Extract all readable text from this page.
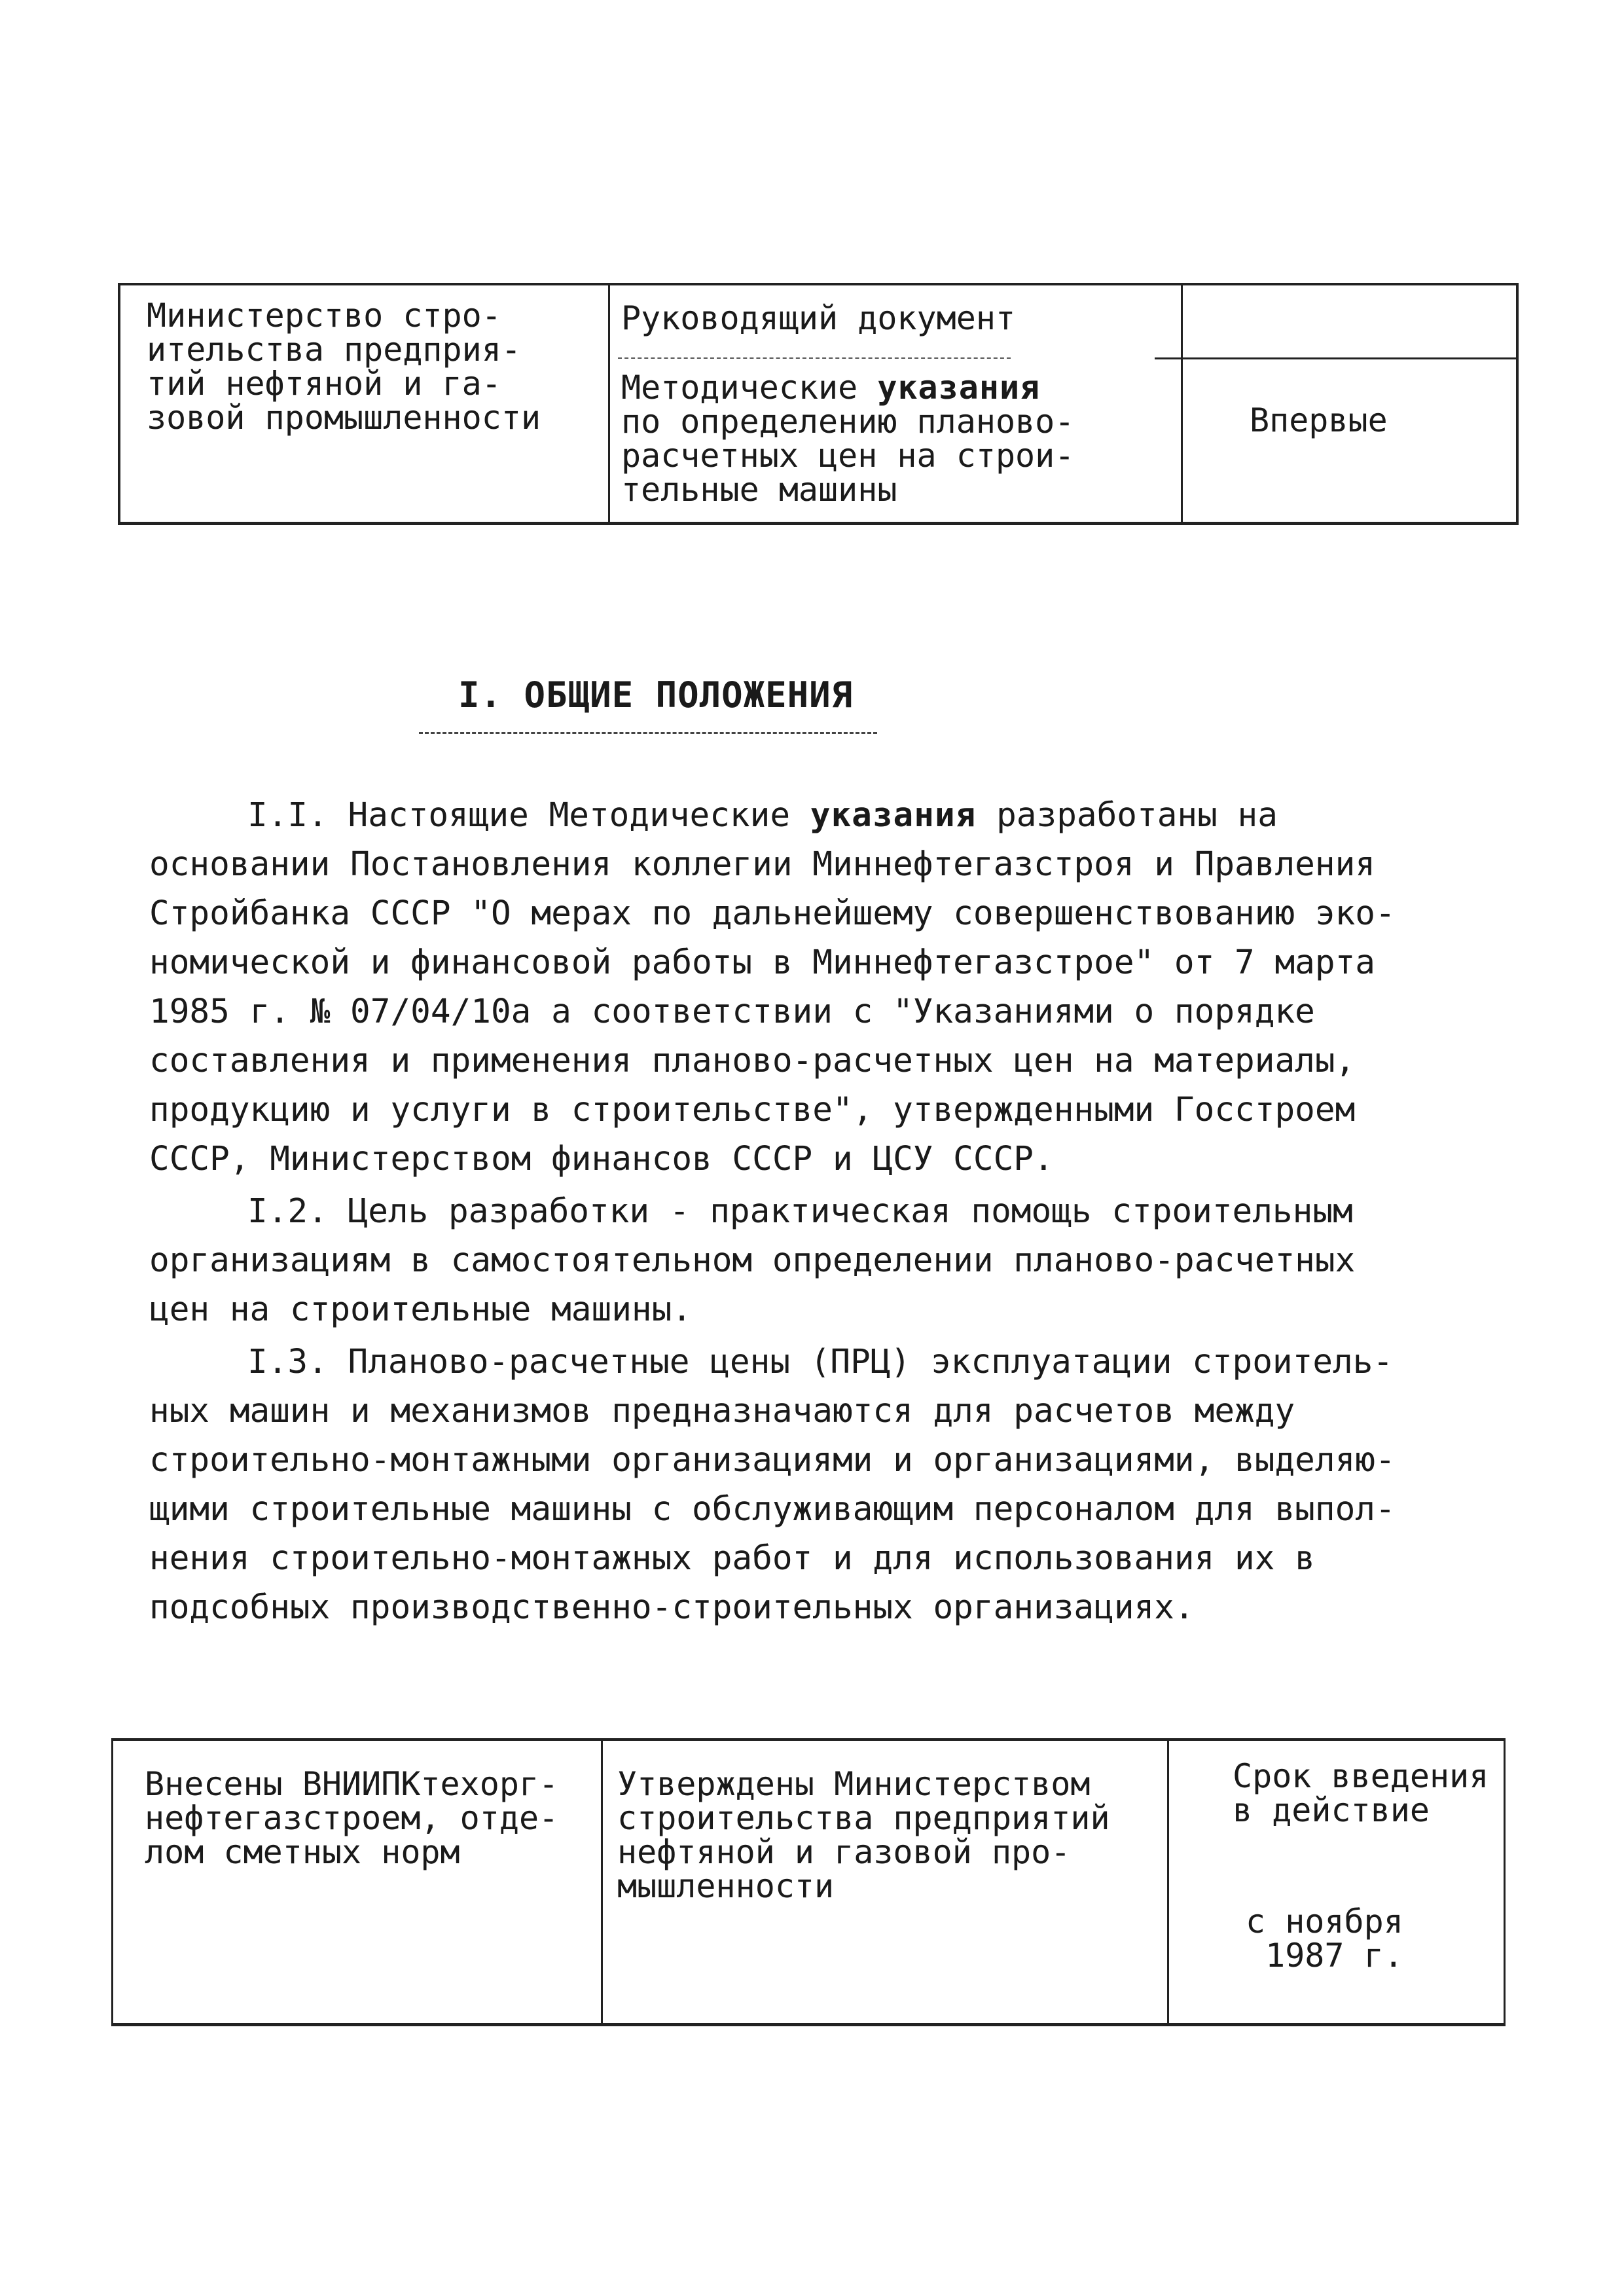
Министерство стро-
ительства предприя-
тий нефтяной и га-
зовой промышленности
Руководящий документ
Методические указания
по определению планово-
расчетных цен на строи-
тельные машины
Впервые
I. ОБЩИЕ ПОЛОЖЕНИЯ

I.I. Настоящие Методические указания разработаны на
основании Постановления коллегии Миннефтегазстроя и Правления
Стройбанка СССР "О мерах по дальнейшему совершенствованию эко-
номической и финансовой работы в Миннефтегазстрое" от 7 марта
1985 г. № 07/04/10а а соответствии с "Указаниями о порядке
составления и применения планово-расчетных цен на материалы,
продукцию и услуги в строительстве", утвержденными Госстроем
СССР, Министерством финансов СССР и ЦСУ СССР.

I.2. Цель разработки - практическая помощь строительным
организациям в самостоятельном определении планово-расчетных
цен на строительные машины.

I.3. Планово-расчетные цены (ПРЦ) эксплуатации строитель-
ных машин и механизмов предназначаются для расчетов между
строительно-монтажными организациями и организациями, выделяю-
щими строительные машины с обслуживающим персоналом для выпол-
нения строительно-монтажных работ и для использования их в
подсобных производственно-строительных организациях.

Внесены ВНИИПКтехорг-
нефтегазстроем, отде-
лом сметных норм
Утверждены Министерством
строительства предприятий
нефтяной и газовой про-
мышленности
Срок введения
в действие
с ноября
1987 г.
